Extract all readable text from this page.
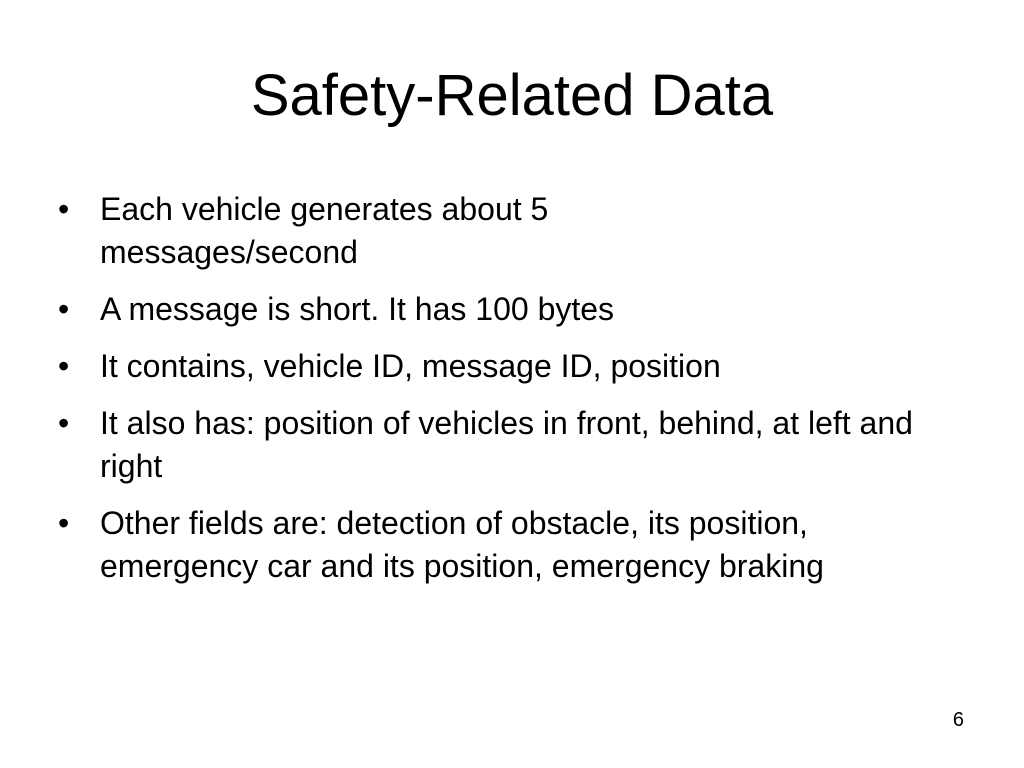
Safety-Related Data
• Each vehicle generates about 5 messages/second
• A message is short. It has 100 bytes
• It contains, vehicle ID, message ID, position
• It also has: position of vehicles in front, behind, at left and right
• Other fields are: detection of obstacle, its position, emergency car and its position, emergency braking
6
